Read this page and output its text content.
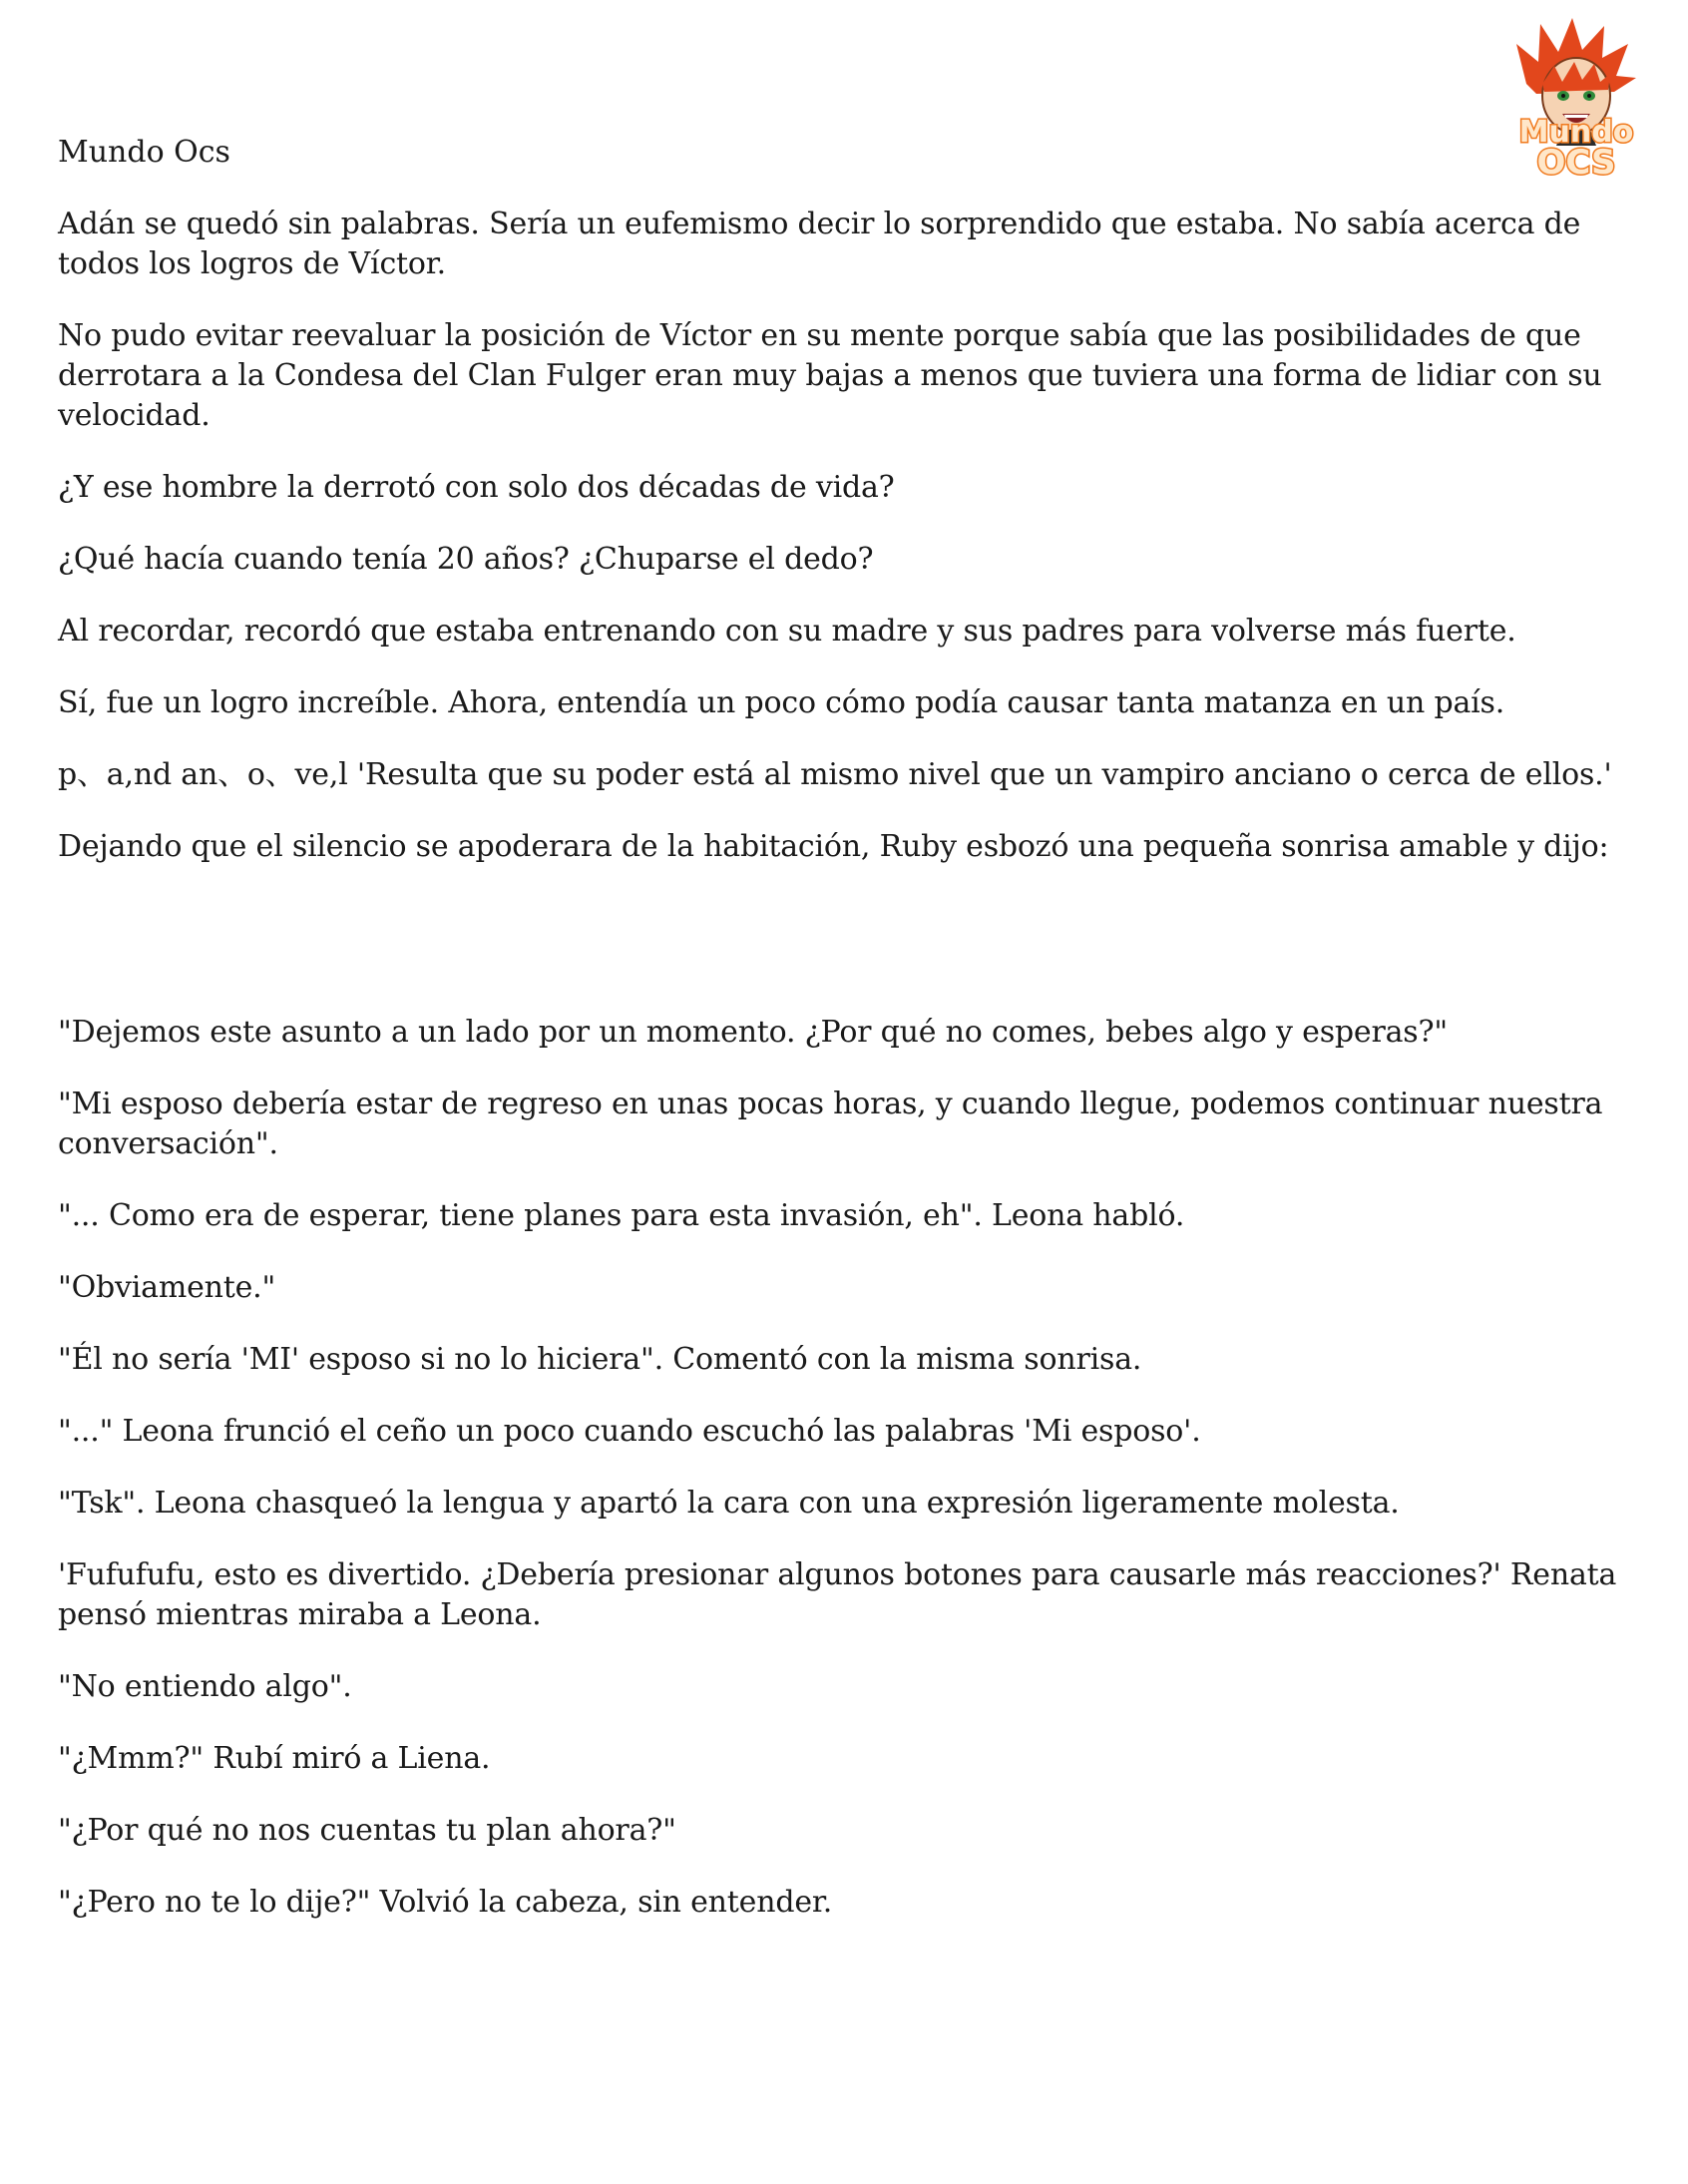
Mundo
OCS

Mundo Ocs

Adán se quedó sin palabras. Sería un eufemismo decir lo sorprendido que estaba. No sabía acerca de todos los logros de Víctor.

No pudo evitar reevaluar la posición de Víctor en su mente porque sabía que las posibilidades de que derrotara a la Condesa del Clan Fulger eran muy bajas a menos que tuviera una forma de lidiar con su velocidad.

¿Y ese hombre la derrotó con solo dos décadas de vida?

¿Qué hacía cuando tenía 20 años? ¿Chuparse el dedo?

Al recordar, recordó que estaba entrenando con su madre y sus padres para volverse más fuerte.

Sí, fue un logro increíble. Ahora, entendía un poco cómo podía causar tanta matanza en un país.

p、a,nd an、o、ve,l 'Resulta que su poder está al mismo nivel que un vampiro anciano o cerca de ellos.'

Dejando que el silencio se apoderara de la habitación, Ruby esbozó una pequeña sonrisa amable y dijo:

"Dejemos este asunto a un lado por un momento. ¿Por qué no comes, bebes algo y esperas?"

"Mi esposo debería estar de regreso en unas pocas horas, y cuando llegue, podemos continuar nuestra conversación".

"... Como era de esperar, tiene planes para esta invasión, eh". Leona habló.

"Obviamente."

"Él no sería 'MI' esposo si no lo hiciera". Comentó con la misma sonrisa.

"..." Leona frunció el ceño un poco cuando escuchó las palabras 'Mi esposo'.

"Tsk". Leona chasqueó la lengua y apartó la cara con una expresión ligeramente molesta.

'Fufufufu, esto es divertido. ¿Debería presionar algunos botones para causarle más reacciones?' Renata pensó mientras miraba a Leona.

"No entiendo algo".

"¿Mmm?" Rubí miró a Liena.

"¿Por qué no nos cuentas tu plan ahora?"

"¿Pero no te lo dije?" Volvió la cabeza, sin entender.
